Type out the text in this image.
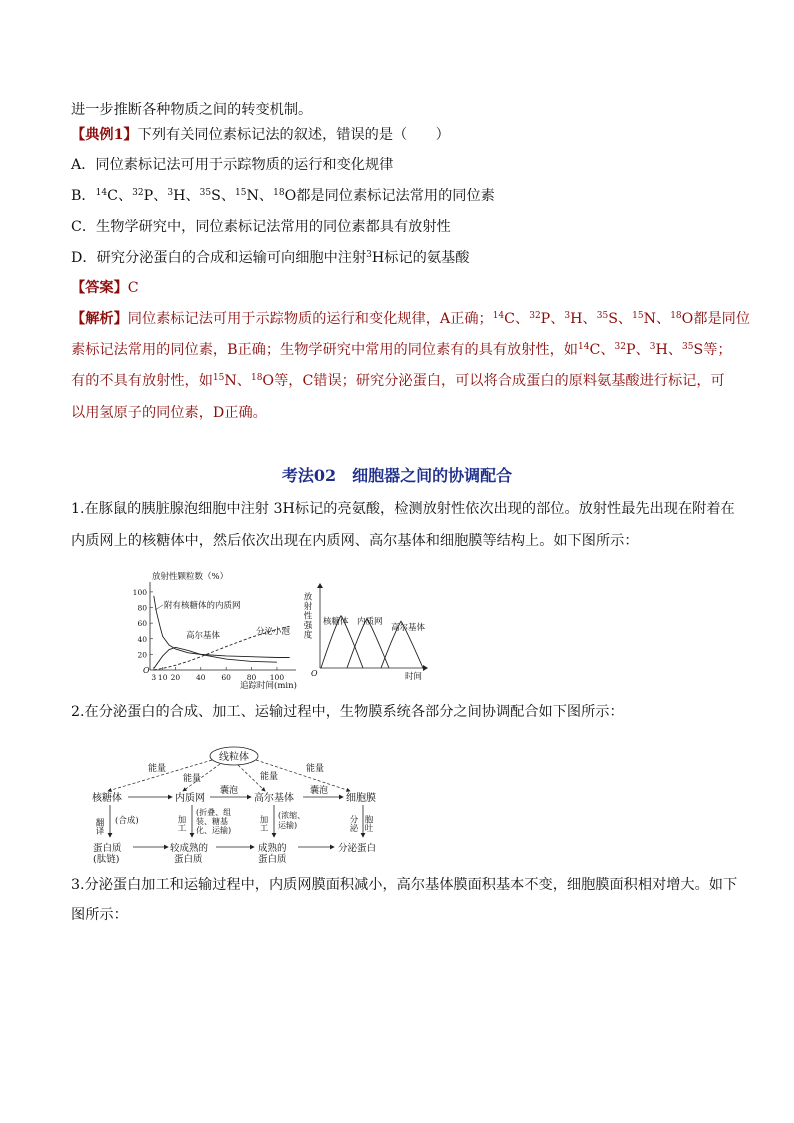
进一步推断各种物质之间的转变机制。
【典例1】下列有关同位素标记法的叙述，错误的是（　　）
A．同位素标记法可用于示踪物质的运行和变化规律
B．$^{14}$C、$^{32}$P、$^3$H、$^{35}$S、$^{15}$N、$^{18}$O都是同位素标记法常用的同位素
C．生物学研究中，同位素标记法常用的同位素都具有放射性
D．研究分泌蛋白的合成和运输可向细胞中注射$^3$H标记的氨基酸
【答案】C
【解析】同位素标记法可用于示踪物质的运行和变化规律，A正确；$^{14}$C、$^{32}$P、$^3$H、$^{35}$S、$^{15}$N、$^{18}$O都是同位
素标记法常用的同位素，B正确；生物学研究中常用的同位素有的具有放射性，如$^{14}$C、$^{32}$P、$^3$H、$^{35}$S等；
有的不具有放射性，如$^{15}$N、$^{18}$O等，C错误；研究分泌蛋白，可以将合成蛋白的原料氨基酸进行标记，可
以用氢原子的同位素，D正确。
考法02　细胞器之间的协调配合
1.在豚鼠的胰脏腺泡细胞中注射 3H标记的亮氨酸，检测放射性依次出现的部位。放射性最先出现在附着在
内质网上的核糖体中，然后依次出现在内质网、高尔基体和细胞膜等结构上。如下图所示：
放射性颗粒数（%）
追踪时间(min)
O
100
80
60
40
20
3 10 20 40 60 80 100
附有核糖体的内质网
高尔基体	分泌小泡
O	时间
放射性强度 核糖体 内质网
高尔基体
2.在分泌蛋白的合成、加工、运输过程中，生物膜系统各部分之间协调配合如下图所示：
线粒体
能量
能量	能量
能量
核糖体	内质网	高尔基体	细胞膜
囊泡	囊泡
翻译 (合成)	加工
(折叠、组
装、糖基
化、运输)	加工 (浓缩、
运输)	分泌 胞吐
蛋白质
(肽链)
较成熟的
蛋白质
成熟的
蛋白质
分泌蛋白
3.分泌蛋白加工和运输过程中，内质网膜面积减小，高尔基体膜面积基本不变，细胞膜面积相对增大。如下
图所示：
